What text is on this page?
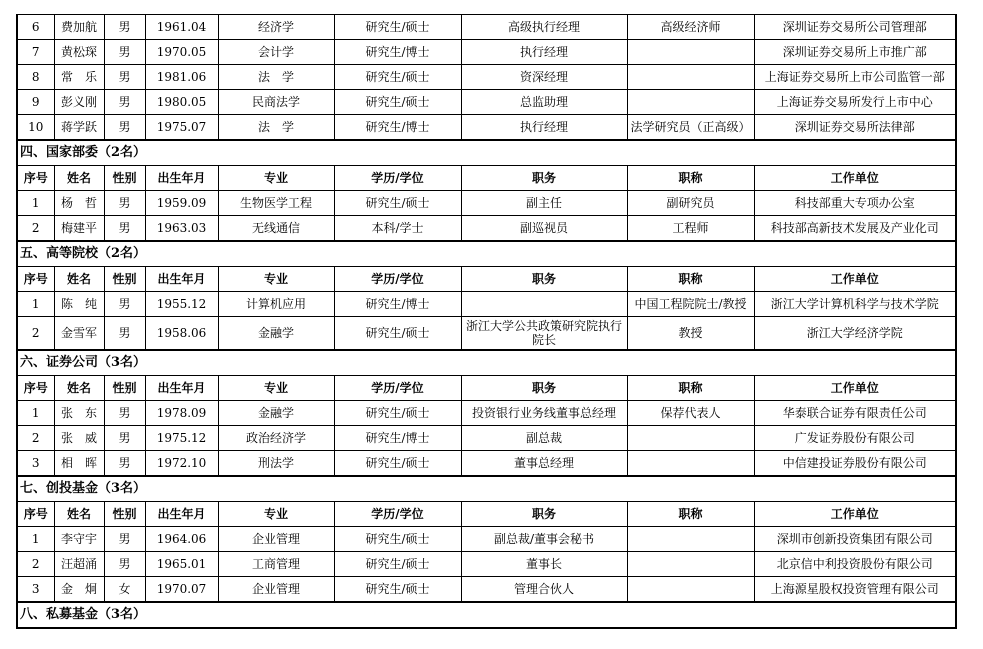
6	费加航	男	1961.04	经济学	研究生/硕士	高级执行经理	高级经济师	深圳证券交易所公司管理部
7	黄松琛	男	1970.05	会计学	研究生/博士	执行经理		深圳证券交易所上市推广部
8	常　乐	男	1981.06	法　学	研究生/硕士	资深经理		上海证券交易所上市公司监管一部
9	彭义刚	男	1980.05	民商法学	研究生/硕士	总监助理		上海证券交易所发行上市中心
10	蒋学跃	男	1975.07	法　学	研究生/博士	执行经理	法学研究员（正高级）	深圳证券交易所法律部
四、国家部委（2名）								
序号	姓名	性别	出生年月	专业	学历/学位	职务	职称	工作单位
1	杨　哲	男	1959.09	生物医学工程	研究生/硕士	副主任	副研究员	科技部重大专项办公室
2	梅建平	男	1963.03	无线通信	本科/学士	副巡视员	工程师	科技部高新技术发展及产业化司
五、高等院校（2名）								
序号	姓名	性别	出生年月	专业	学历/学位	职务	职称	工作单位
1	陈　纯	男	1955.12	计算机应用	研究生/博士		中国工程院院士/教授	浙江大学计算机科学与技术学院
2	金雪军	男	1958.06	金融学	研究生/硕士	浙江大学公共政策研究院执行院长	教授	浙江大学经济学院
六、证券公司（3名）								
序号	姓名	性别	出生年月	专业	学历/学位	职务	职称	工作单位
1	张　东	男	1978.09	金融学	研究生/硕士	投资银行业务线董事总经理	保荐代表人	华泰联合证券有限责任公司
2	张　威	男	1975.12	政治经济学	研究生/博士	副总裁		广发证券股份有限公司
3	相　晖	男	1972.10	刑法学	研究生/硕士	董事总经理		中信建投证券股份有限公司
七、创投基金（3名）								
序号	姓名	性别	出生年月	专业	学历/学位	职务	职称	工作单位
1	李守宇	男	1964.06	企业管理	研究生/硕士	副总裁/董事会秘书		深圳市创新投资集团有限公司
2	汪超涌	男	1965.01	工商管理	研究生/硕士	董事长		北京信中利投资股份有限公司
3	金　炯	女	1970.07	企业管理	研究生/硕士	管理合伙人		上海源星股权投资管理有限公司
八、私募基金（3名）								
